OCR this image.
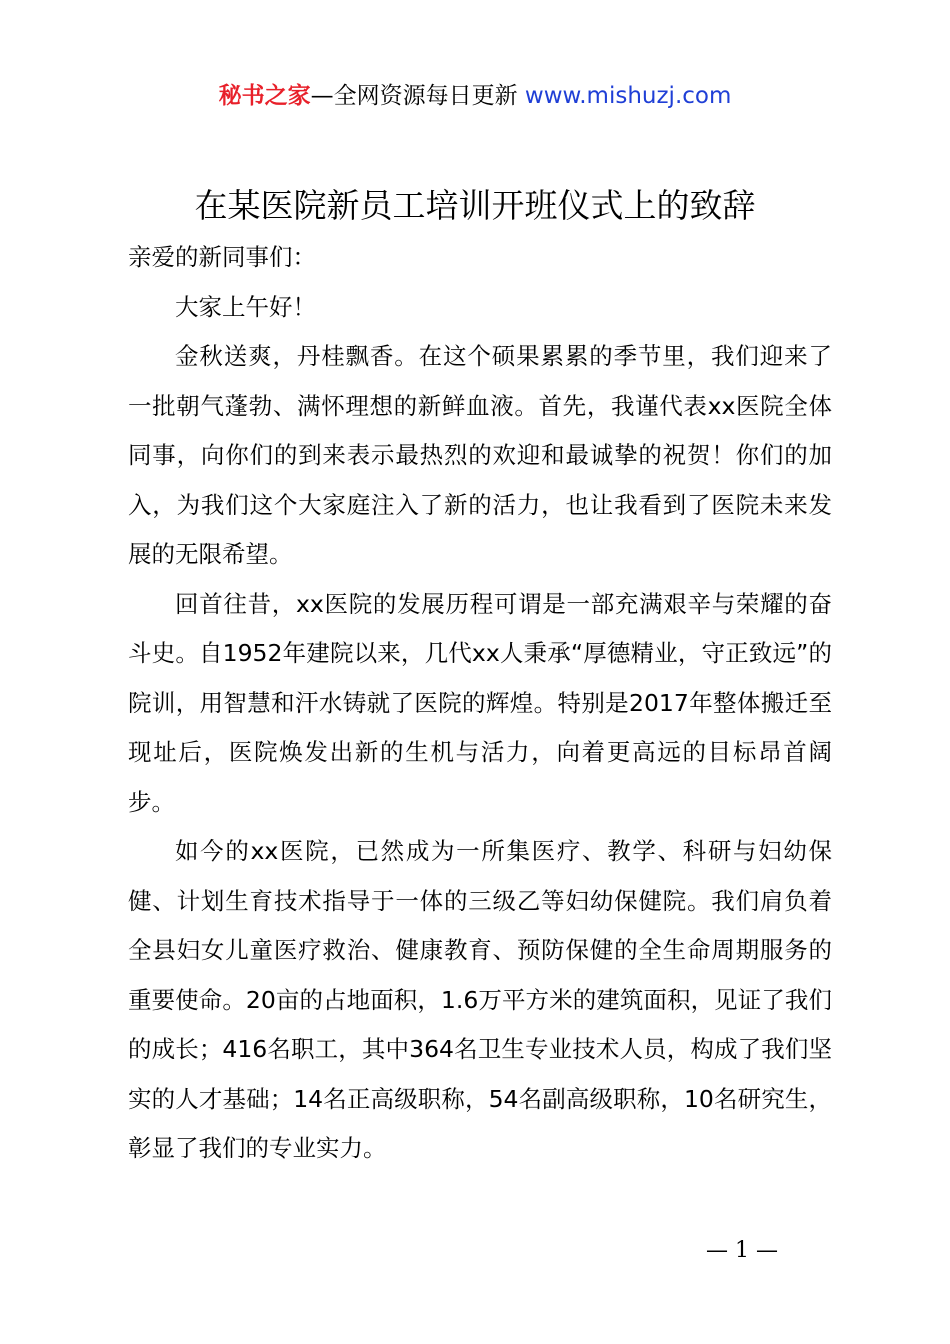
秘书之家—全网资源每日更新 www.mishuzj.com
在某医院新员工培训开班仪式上的致辞

亲爱的新同事们：

大家上午好！

金秋送爽，丹桂飘香。在这个硕果累累的季节里，我们迎来了一批朝气蓬勃、满怀理想的新鲜血液。首先，我谨代表xx医院全体同事，向你们的到来表示最热烈的欢迎和最诚挚的祝贺！你们的加入，为我们这个大家庭注入了新的活力，也让我看到了医院未来发展的无限希望。

回首往昔，xx医院的发展历程可谓是一部充满艰辛与荣耀的奋斗史。自1952年建院以来，几代xx人秉承“厚德精业，守正致远”的院训，用智慧和汗水铸就了医院的辉煌。特别是2017年整体搬迁至现址后，医院焕发出新的生机与活力，向着更高远的目标昂首阔步。

如今的xx医院，已然成为一所集医疗、教学、科研与妇幼保健、计划生育技术指导于一体的三级乙等妇幼保健院。我们肩负着全县妇女儿童医疗救治、健康教育、预防保健的全生命周期服务的重要使命。20亩的占地面积，1.6万平方米的建筑面积，见证了我们的成长；416名职工，其中364名卫生专业技术人员，构成了我们坚实的人才基础；14名正高级职称，54名副高级职称，10名研究生，彰显了我们的专业实力。

— 1 —
